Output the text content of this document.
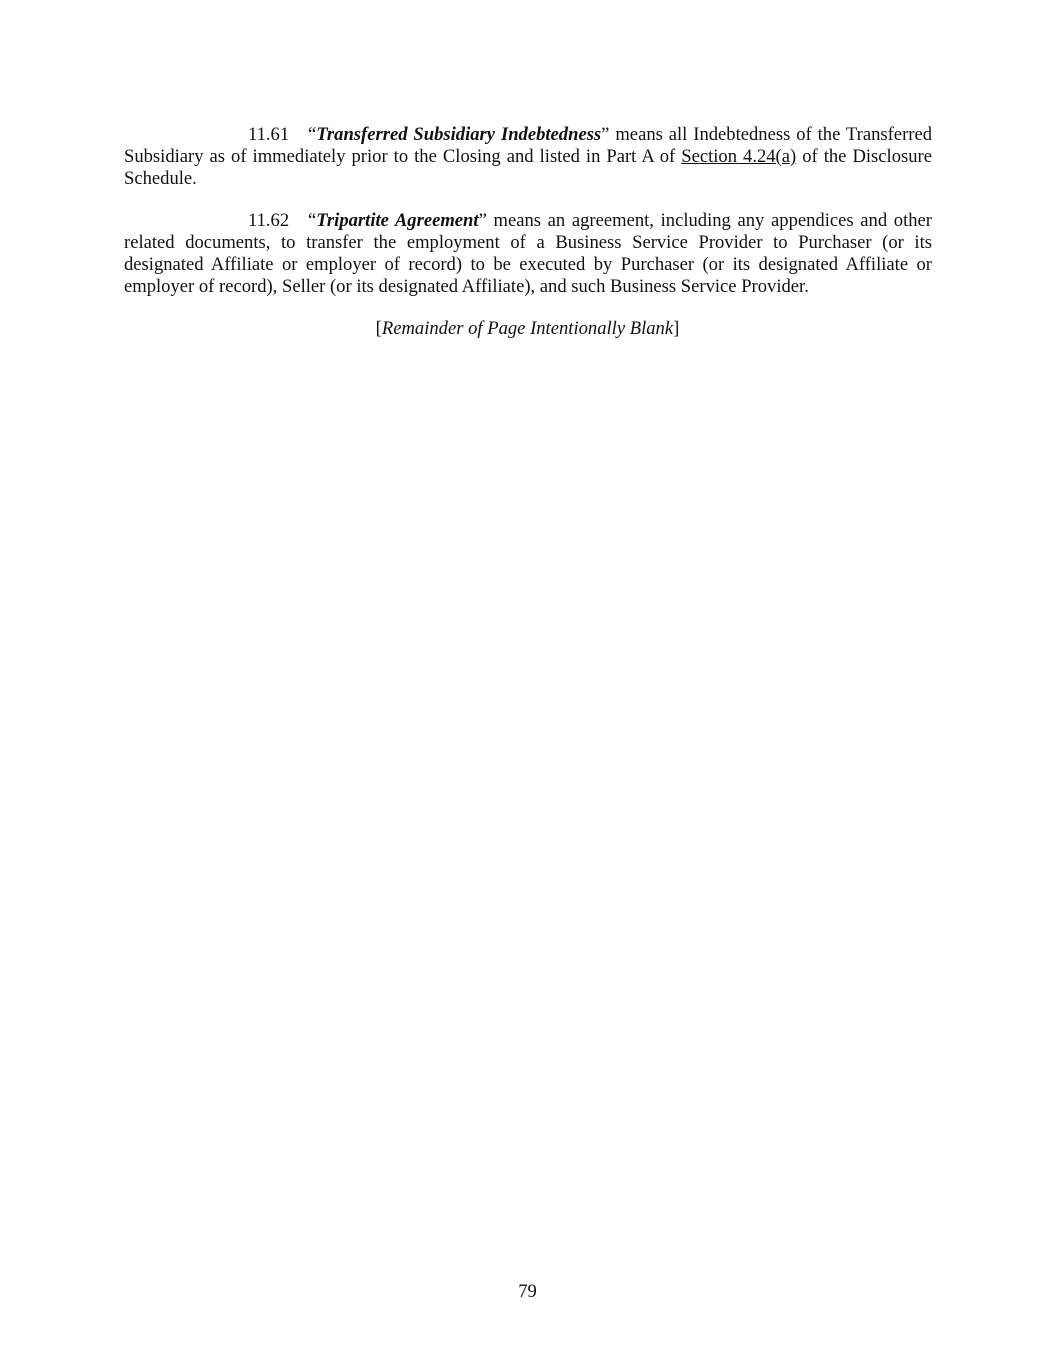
11.61 “Transferred Subsidiary Indebtedness” means all Indebtedness of the Transferred Subsidiary as of immediately prior to the Closing and listed in Part A of Section 4.24(a) of the Disclosure Schedule.

11.62 “Tripartite Agreement” means an agreement, including any appendices and other related documents, to transfer the employment of a Business Service Provider to Purchaser (or its designated Affiliate or employer of record) to be executed by Purchaser (or its designated Affiliate or employer of record), Seller (or its designated Affiliate), and such Business Service Provider.

[Remainder of Page Intentionally Blank]
79
